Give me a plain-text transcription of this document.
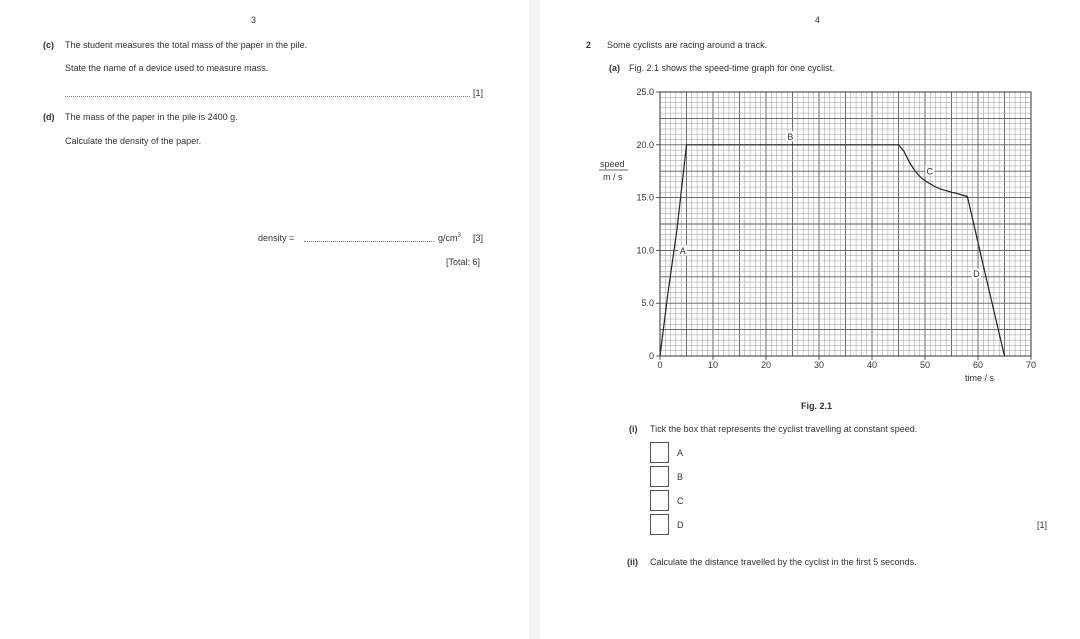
3
(c) The student measures the total mass of the paper in the pile.
State the name of a device used to measure mass.
[1]
(d) The mass of the paper in the pile is 2400 g.
Calculate the density of the paper.
density =	$g/cm^3$ [3]
[Total: 6]
4
2 Some cyclists are racing around a track.
(a) Fig. 2.1 shows the speed-time graph for one cyclist.
0	10	20	30	40	50	60	70
0
5.0
10.0
15.0
20.0
25.0
A
B
C
D
time / s
speed
m / s
Fig. 2.1
(i) Tick the box that represents the cyclist travelling at constant speed.
A
B
C
D	[1]
(ii) Calculate the distance travelled by the cyclist in the first 5 seconds.
